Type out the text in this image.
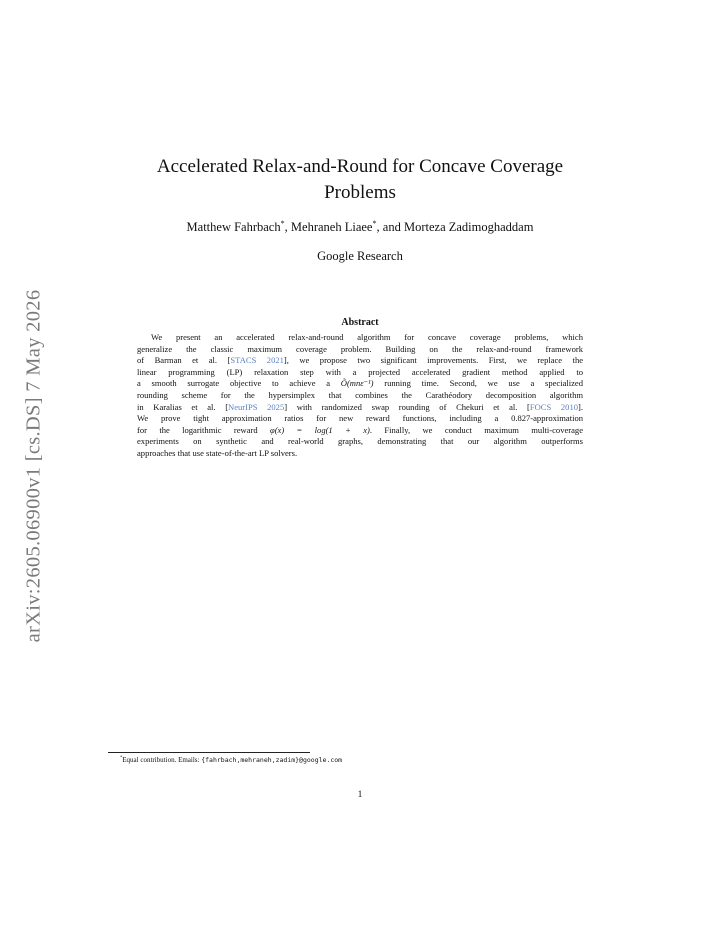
arXiv:2605.06900v1 [cs.DS] 7 May 2026
Accelerated Relax-and-Round for Concave Coverage Problems
Matthew Fahrbach*, Mehraneh Liaee*, and Morteza Zadimoghaddam
Google Research
Abstract
We present an accelerated relax-and-round algorithm for concave coverage problems, which
generalize the classic maximum coverage problem. Building on the relax-and-round framework
of Barman et al. [STACS 2021], we propose two significant improvements. First, we replace the
linear programming (LP) relaxation step with a projected accelerated gradient method applied to
a smooth surrogate objective to achieve a Õ(mnε⁻¹) running time. Second, we use a specialized
rounding scheme for the hypersimplex that combines the Carathéodory decomposition algorithm
in Karalias et al. [NeurIPS 2025] with randomized swap rounding of Chekuri et al. [FOCS 2010].
We prove tight approximation ratios for new reward functions, including a 0.827-approximation
for the logarithmic reward φ(x) = log(1 + x). Finally, we conduct maximum multi-coverage
experiments on synthetic and real-world graphs, demonstrating that our algorithm outperforms
approaches that use state-of-the-art LP solvers.
*Equal contribution. Emails: {fahrbach,mehraneh,zadim}@google.com
1
